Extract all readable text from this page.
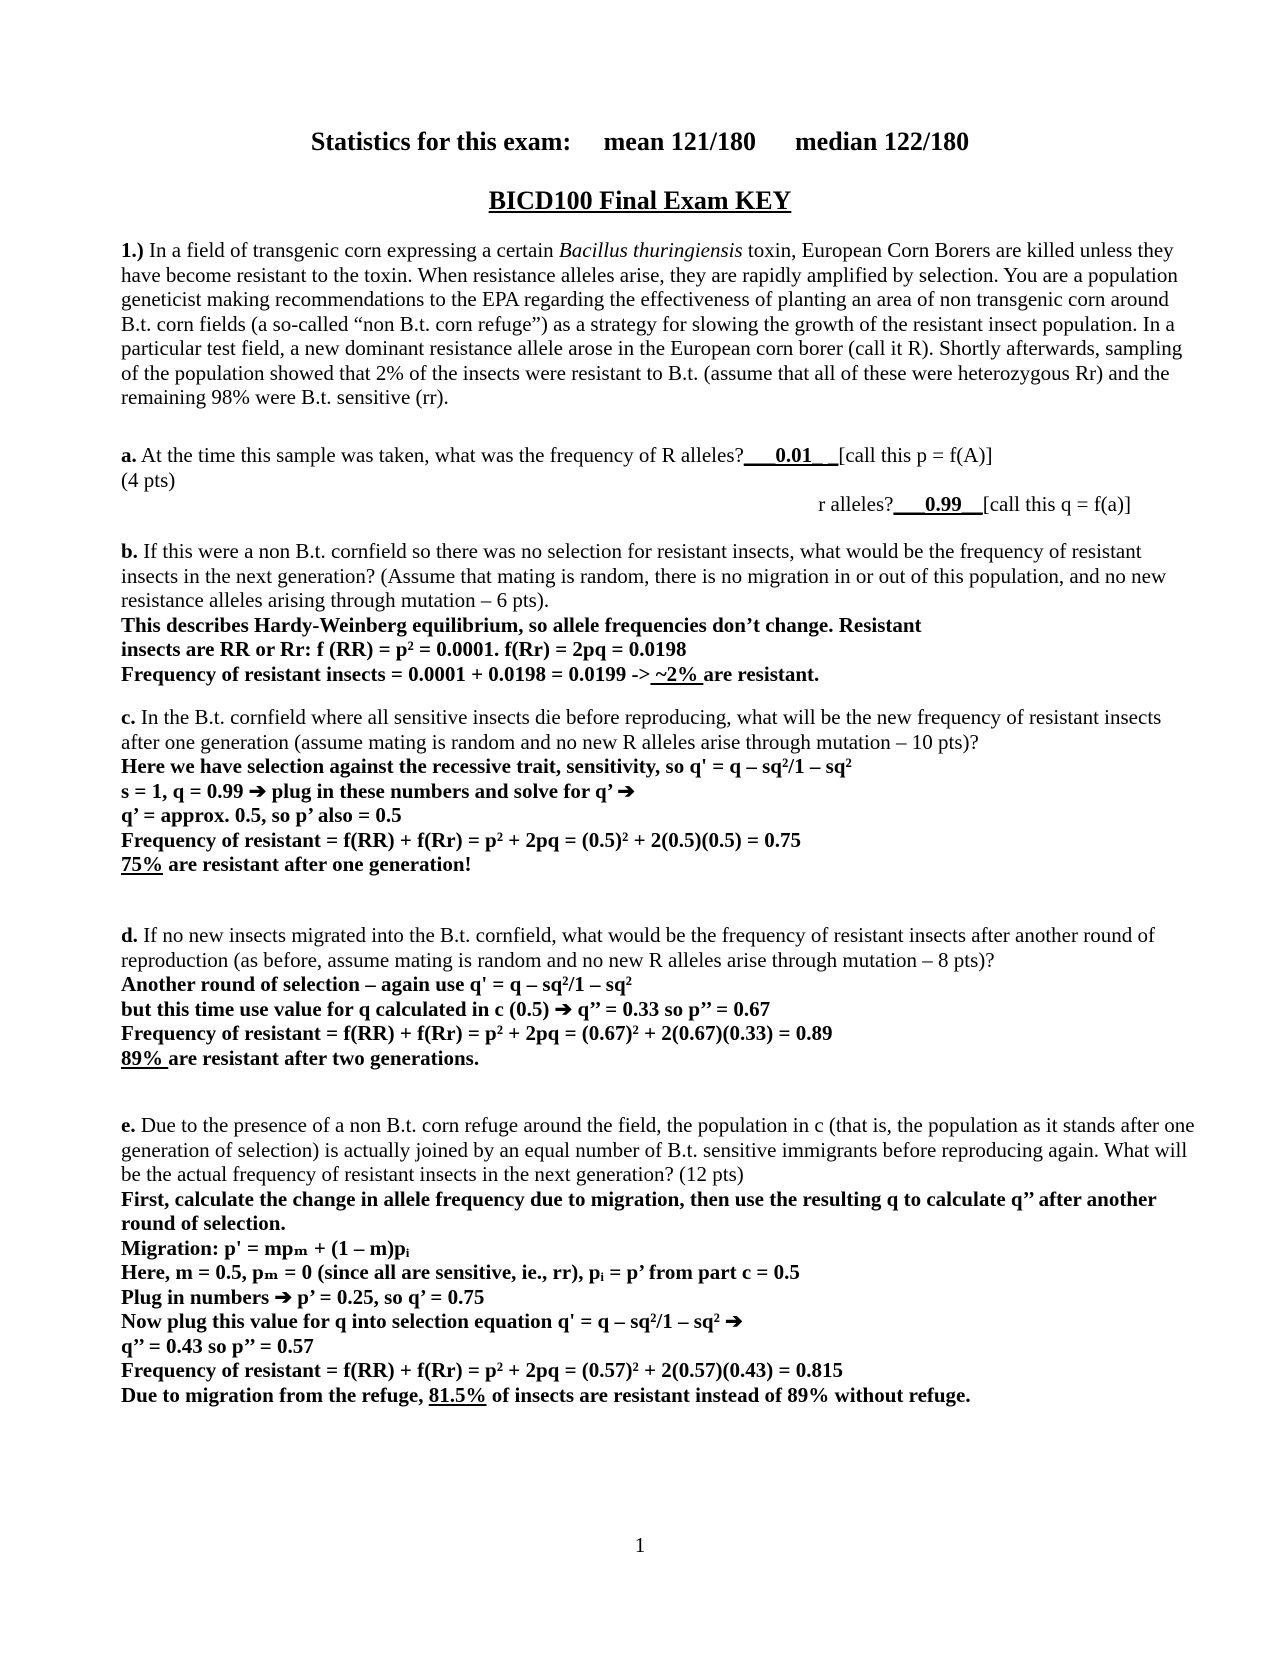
Statistics for this exam:     mean 121/180      median 122/180
BICD100 Final Exam KEY

1.) In a field of transgenic corn expressing a certain Bacillus thuringiensis toxin, European Corn Borers are killed unless they have become resistant to the toxin. When resistance alleles arise, they are rapidly amplified by selection. You are a population geneticist making recommendations to the EPA regarding the effectiveness of planting an area of non transgenic corn around B.t. corn fields (a so-called “non B.t. corn refuge”) as a strategy for slowing the growth of the resistant insect population. In a particular test field, a new dominant resistance allele arose in the European corn borer (call it R). Shortly afterwards, sampling of the population showed that 2% of the insects were resistant to B.t. (assume that all of these were heterozygous Rr) and the remaining 98% were B.t. sensitive (rr).

a. At the time this sample was taken, what was the frequency of R alleles?___0.01_ _[call this p = f(A)]

(4 pts)

r alleles?___0.99__[call this q = f(a)]

b. If this were a non B.t. cornfield so there was no selection for resistant insects, what would be the frequency of resistant insects in the next generation? (Assume that mating is random, there is no migration in or out of this population, and no new resistance alleles arising through mutation – 6 pts).

This describes Hardy-Weinberg equilibrium, so allele frequencies don’t change. Resistant

insects are RR or Rr: f (RR) = p² = 0.0001. f(Rr) = 2pq = 0.0198

Frequency of resistant insects = 0.0001 + 0.0198 = 0.0199 -> ~2% are resistant.

c. In the B.t. cornfield where all sensitive insects die before reproducing, what will be the new frequency of resistant insects after one generation (assume mating is random and no new R alleles arise through mutation – 10 pts)?

Here we have selection against the recessive trait, sensitivity, so q' = q – sq²/1 – sq²

s = 1, q = 0.99 ➔ plug in these numbers and solve for q’ ➔

q’ = approx. 0.5, so p’ also = 0.5

Frequency of resistant = f(RR) + f(Rr) = p² + 2pq = (0.5)² + 2(0.5)(0.5) = 0.75

75% are resistant after one generation!

d. If no new insects migrated into the B.t. cornfield, what would be the frequency of resistant insects after another round of reproduction (as before, assume mating is random and no new R alleles arise through mutation – 8 pts)?

Another round of selection – again use q' = q – sq²/1 – sq²

but this time use value for q calculated in c (0.5) ➔ q’’ = 0.33 so p’’ = 0.67

Frequency of resistant = f(RR) + f(Rr) = p² + 2pq = (0.67)² + 2(0.67)(0.33) = 0.89

89% are resistant after two generations.

e. Due to the presence of a non B.t. corn refuge around the field, the population in c (that is, the population as it stands after one generation of selection) is actually joined by an equal number of B.t. sensitive immigrants before reproducing again. What will be the actual frequency of resistant insects in the next generation? (12 pts)

First, calculate the change in allele frequency due to migration, then use the resulting q to calculate q’’ after another round of selection.

Migration: p' = mpₘ + (1 – m)pᵢ

Here, m = 0.5, pₘ = 0 (since all are sensitive, ie., rr), pᵢ = p’ from part c = 0.5

Plug in numbers ➔ p’ = 0.25, so q’ = 0.75

Now plug this value for q into selection equation q' = q – sq²/1 – sq² ➔

q’’ = 0.43 so p’’ = 0.57

Frequency of resistant = f(RR) + f(Rr) = p² + 2pq = (0.57)² + 2(0.57)(0.43) = 0.815

Due to migration from the refuge, 81.5% of insects are resistant instead of 89% without refuge.

1
